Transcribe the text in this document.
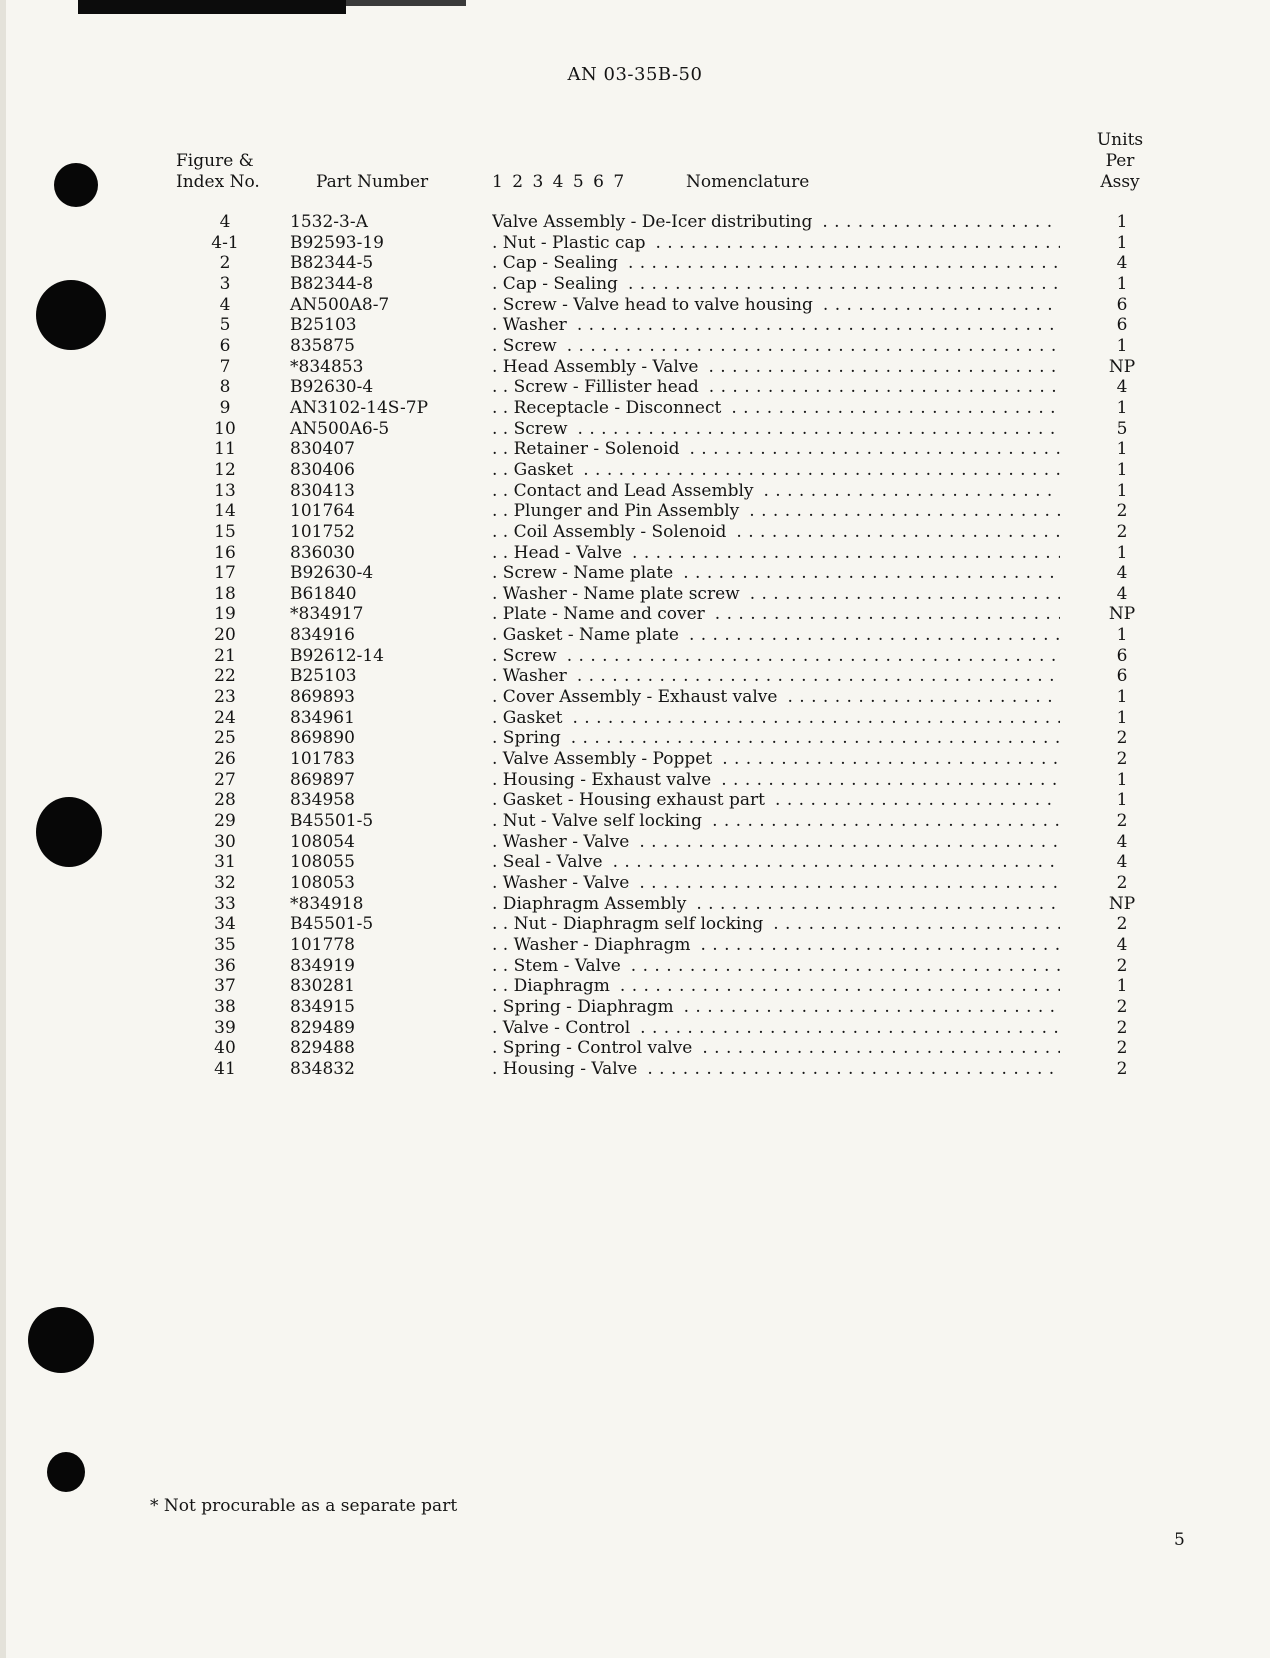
AN 03-35B-50
Figure &
Index No.	Part Number	1 2 3 4 5 6 7	Nomenclature
Units
Per
Assy
4	1532-3-A	Valve Assembly - De-Icer distributing . . .	1
4-1	B92593-19	. Nut - Plastic cap . . .	1
2	B82344-5	. Cap - Sealing . . .	4
3	B82344-8	. Cap - Sealing . . .	1
4	AN500A8-7	. Screw - Valve head to valve housing . . .	6
5	B25103	. Washer . . .	6
6	835875	. Screw . . .	1
7	*834853	. Head Assembly - Valve . . .	NP
8	B92630-4	. . Screw - Fillister head . . .	4
9	AN3102-14S-7P	. . Receptacle - Disconnect . . .	1
10	AN500A6-5	. . Screw . . .	5
11	830407	. . Retainer - Solenoid . . .	1
12	830406	. . Gasket . . .	1
13	830413	. . Contact and Lead Assembly . . .	1
14	101764	. . Plunger and Pin Assembly . . .	2
15	101752	. . Coil Assembly - Solenoid . . .	2
16	836030	. . Head - Valve . . .	1
17	B92630-4	. Screw - Name plate . . .	4
18	B61840	. Washer - Name plate screw . . .	4
19	*834917	. Plate - Name and cover . . .	NP
20	834916	. Gasket - Name plate . . .	1
21	B92612-14	. Screw . . .	6
22	B25103	. Washer . . .	6
23	869893	. Cover Assembly - Exhaust valve . . .	1
24	834961	. Gasket . . .	1
25	869890	. Spring . . .	2
26	101783	. Valve Assembly - Poppet . . .	2
27	869897	. Housing - Exhaust valve . . .	1
28	834958	. Gasket - Housing exhaust part . . .	1
29	B45501-5	. Nut - Valve self locking . . .	2
30	108054	. Washer - Valve . . .	4
31	108055	. Seal - Valve . . .	4
32	108053	. Washer - Valve . . .	2
33	*834918	. Diaphragm Assembly . . .	NP
34	B45501-5	. . Nut - Diaphragm self locking . . .	2
35	101778	. . Washer - Diaphragm . . .	4
36	834919	. . Stem - Valve . . .	2
37	830281	. . Diaphragm . . .	1
38	834915	. Spring - Diaphragm . . .	2
39	829489	. Valve - Control . . .	2
40	829488	. Spring - Control valve . . .	2
41	834832	. Housing - Valve . . .	2
* Not procurable as a separate part
5
